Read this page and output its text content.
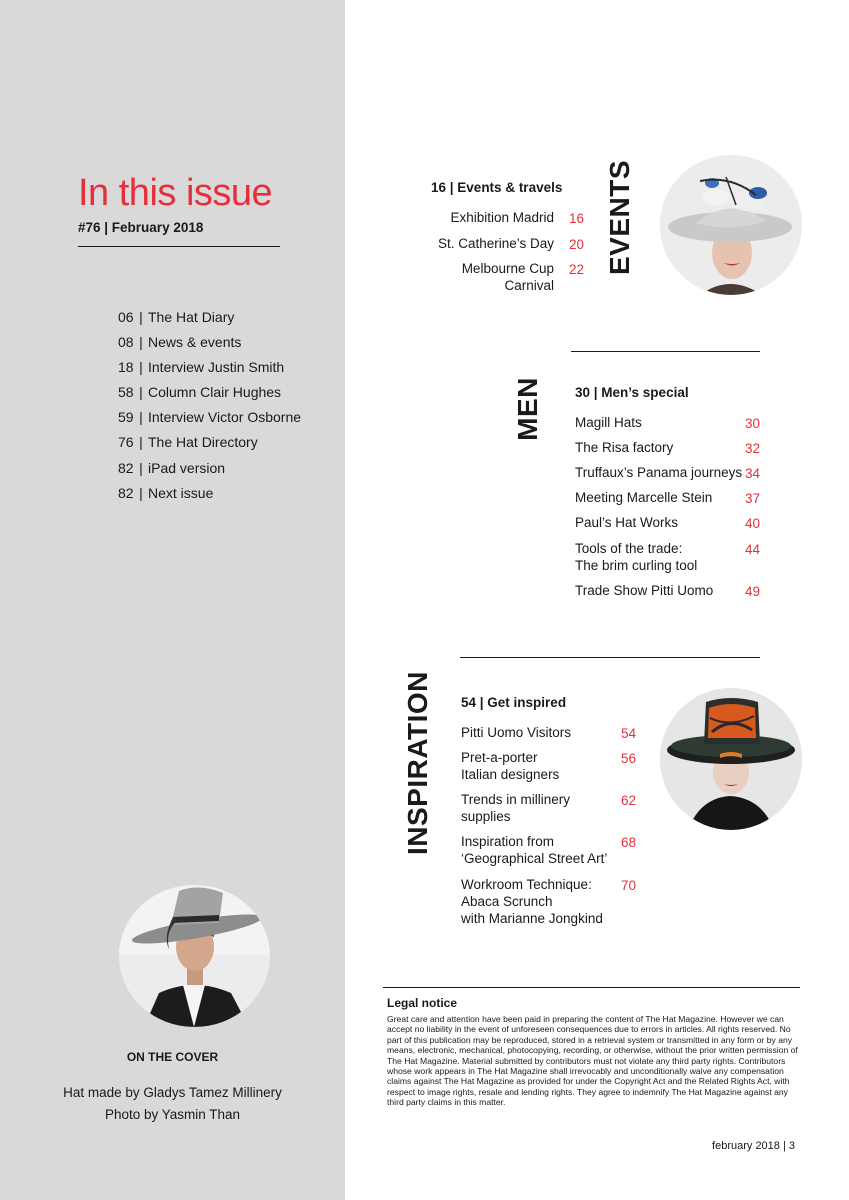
In this issue
#76 | February 2018
06 | The Hat Diary
08 | News & events
18 | Interview Justin Smith
58 | Column Clair Hughes
59 | Interview Victor Osborne
76 | The Hat Directory
82 | iPad version
82 | Next issue
ON THE COVER
Hat made by Gladys Tamez Millinery
Photo by Yasmin Than
16 | Events & travels
Exhibition Madrid 16
St. Catherine’s Day 20
Melbourne Cup
Carnival
22 EVENTS
MEN	30 | Men’s special
Magill Hats	30
The Risa factory	32
Truffaux’s Panama journeys 34
Meeting Marcelle Stein	37
Paul’s Hat Works	40
Tools of the trade:
The brim curling tool
44
Trade Show Pitti Uomo	49
INSPIRATION	54 | Get inspired
Pitti Uomo Visitors	54
Pret-a-porter
Italian designers
56
Trends in millinery
supplies
62
Inspiration from
‘Geographical Street Art’
68
Workroom Technique:
Abaca Scrunch
with Marianne Jongkind
70
Legal notice
Great care and attention have been paid in preparing the content of The Hat Magazine. However we can accept no liability in the event of unforeseen consequences due to errors in articles. All rights reserved. No part of this publication may be reproduced, stored in a retrieval system or transmitted in any form or by any means, electronic, mechanical, photocopying, recording, or otherwise, without the prior written permission of The Hat Magazine. Material submitted by contributors must not violate any third party rights. Contributors whose work appears in The Hat Magazine shall irrevocably and unconditionally waive any compensation claims against The Hat Magazine as provided for under the Copyright Act and the Related Rights Act, with respect to image rights, resale and lending rights. They agree to indemnify The Hat Magazine against any third party claims in this matter.
february 2018 | 3
